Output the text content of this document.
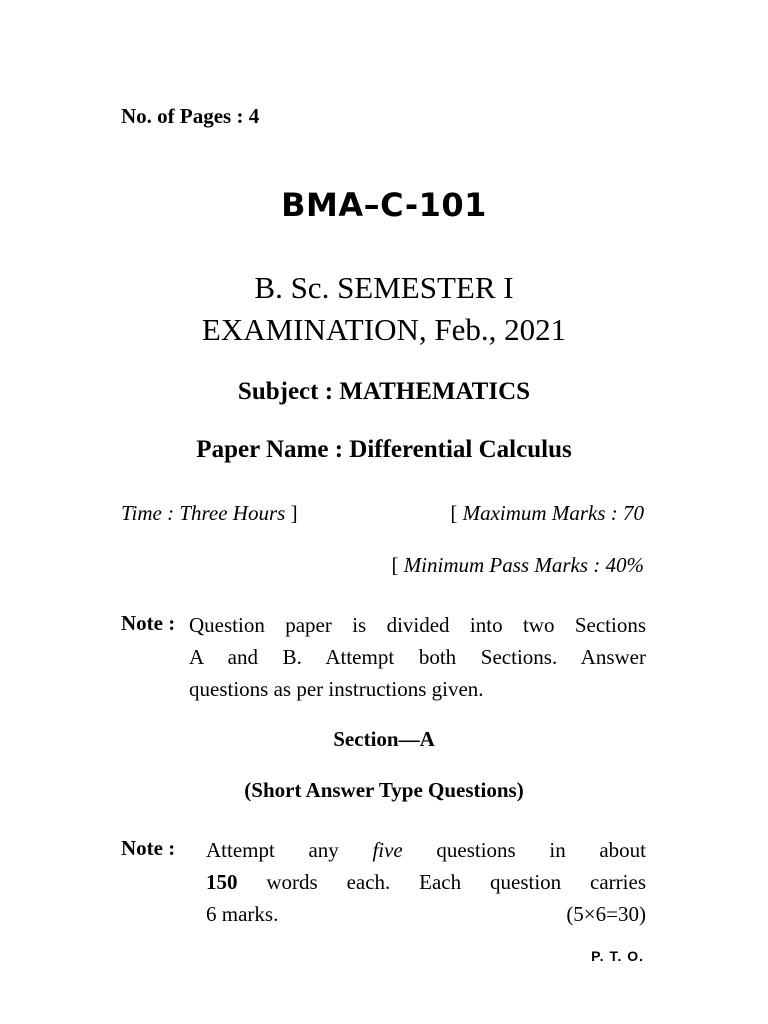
No. of Pages : 4
BMA–C-101
B. Sc. SEMESTER I
EXAMINATION, Feb., 2021
Subject : MATHEMATICS
Paper Name : Differential Calculus
Time : Three Hours ]	[ Maximum Marks : 70
[ Minimum Pass Marks : 40%
Note : Question paper is divided into two Sections
A and B. Attempt both Sections. Answer
questions as per instructions given.
Section—A
(Short Answer Type Questions)
Note : Attempt any five questions in about
150 words each. Each question carries
6 marks.	(5×6=30)
P. T. O.
